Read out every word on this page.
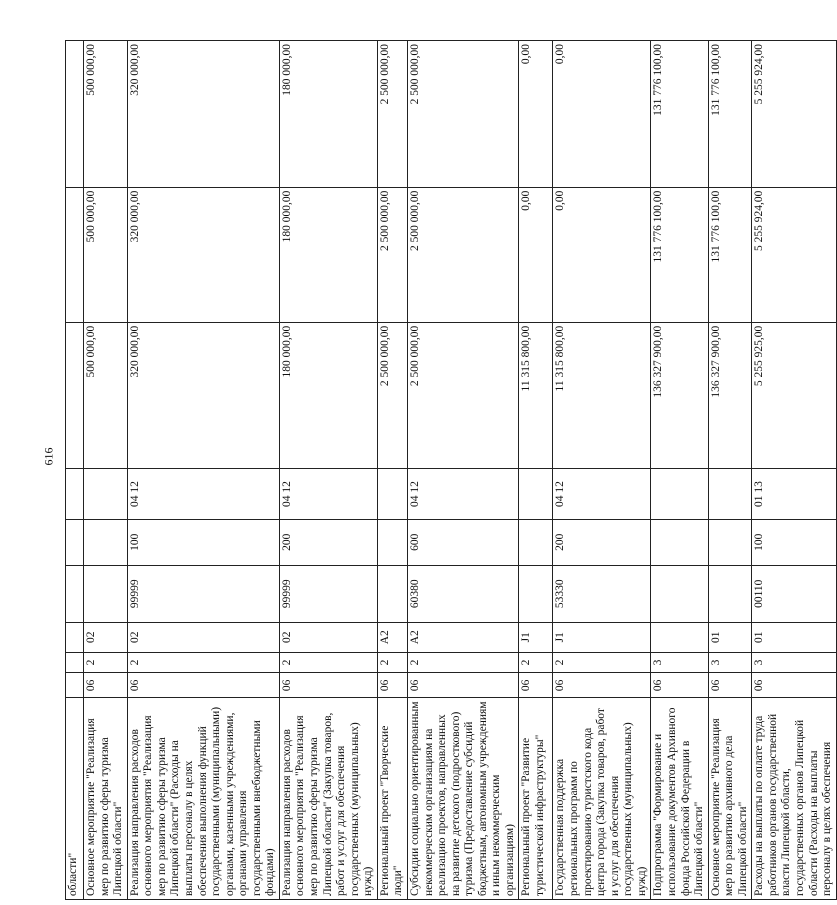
616
области"									
Основное мероприятие "Реализация мер по развитию сферы туризма Липецкой области"	06	2	02				500 000,00	500 000,00	500 000,00
Реализация направления расходов основного мероприятия "Реализация мер по развитию сферы туризма Липецкой области" (Расходы на выплаты персоналу в целях обеспечения выполнения функций государственными (муниципальными) органами, казенными учреждениями, органами управления государственными внебюджетными фондами)	06	2	02	99999	100	04 12	320 000,00	320 000,00	320 000,00
Реализация направления расходов основного мероприятия "Реализация мер по развитию сферы туризма Липецкой области" (Закупка товаров, работ и услуг для обеспечения государственных (муниципальных) нужд)	06	2	02	99999	200	04 12	180 000,00	180 000,00	180 000,00
Региональный проект "Творческие люди"	06	2	A2				2 500 000,00	2 500 000,00	2 500 000,00
Субсидии социально ориентированным некоммерческим организациям на реализацию проектов, направленных на развитие детского (подросткового) туризма (Предоставление субсидий бюджетным, автономным учреждениям и иным некоммерческим организациям)	06	2	A2	60380	600	04 12	2 500 000,00	2 500 000,00	2 500 000,00
Региональный проект "Развитие туристической инфраструктуры"	06	2	J1				11 315 800,00	0,00	0,00
Государственная поддержка региональных программ по проектированию туристского кода центра города (Закупка товаров, работ и услуг для обеспечения государственных (муниципальных) нужд)	06	2	J1	53330	200	04 12	11 315 800,00	0,00	0,00
Подпрограмма "Формирование и использование документов Архивного фонда Российской Федерации в Липецкой области"	06	3					136 327 900,00	131 776 100,00	131 776 100,00
Основное мероприятие "Реализация мер по развитию архивного дела Липецкой области"	06	3	01				136 327 900,00	131 776 100,00	131 776 100,00
Расходы на выплаты по оплате труда работников органов государственной власти Липецкой области, государственных органов Липецкой области (Расходы на выплаты персоналу в целях обеспечения	06	3	01	00110	100	01 13	5 255 925,00	5 255 924,00	5 255 924,00
